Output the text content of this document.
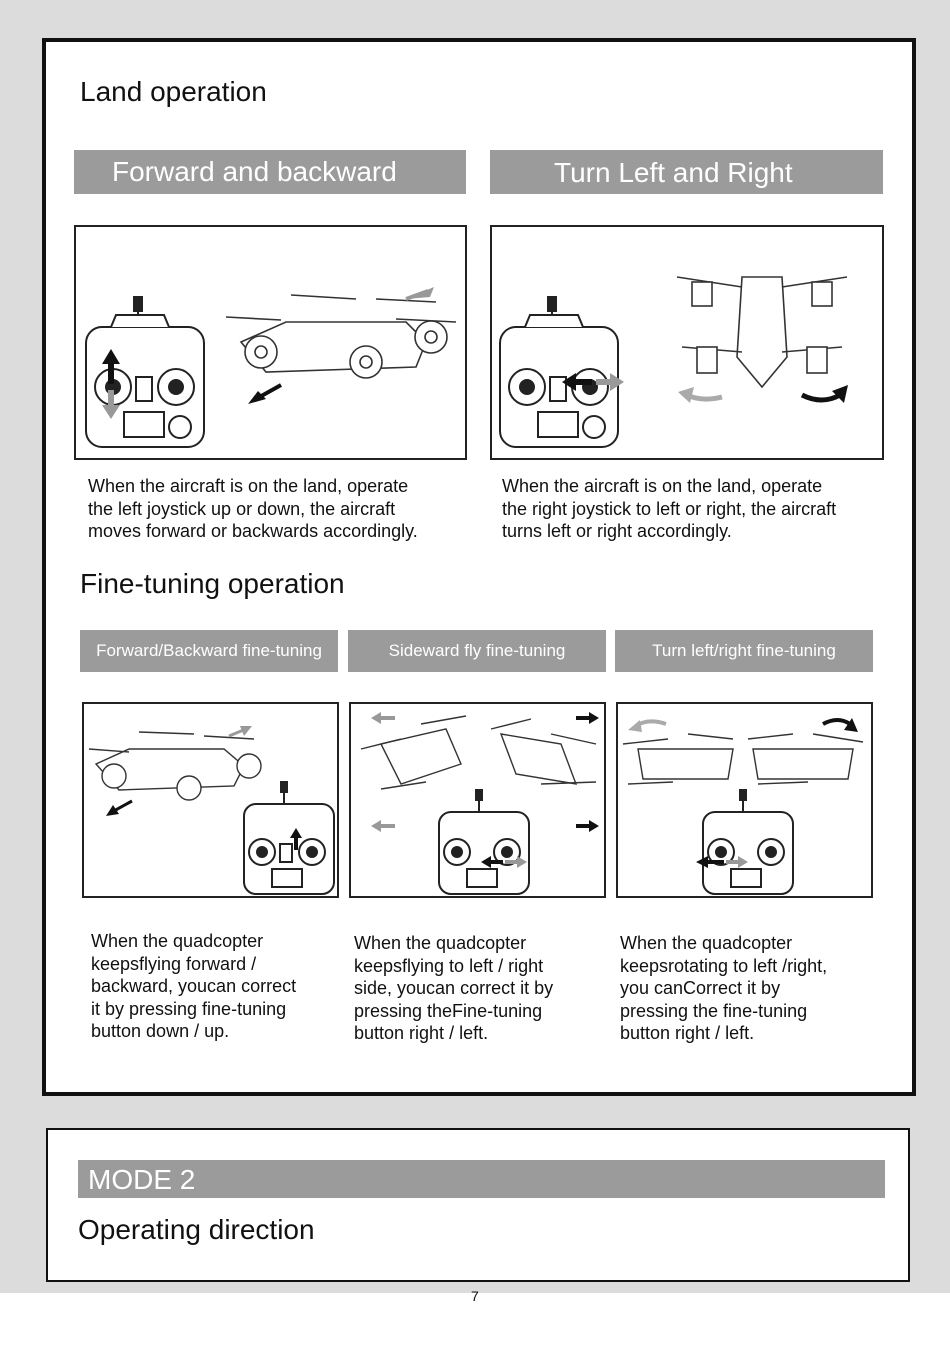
Land operation
Forward and backward	Turn Left and Right
When the aircraft is on the land, operate
the left joystick up or down, the aircraft
moves forward or backwards accordingly.
When the aircraft is on the land, operate
the right joystick to left or right, the aircraft
turns left or right accordingly.
Fine-tuning operation
Forward/Backward fine-tuning	Sideward fly fine-tuning	Turn left/right fine-tuning
When the quadcopter
keepsflying forward /
backward, youcan correct
it by pressing fine-tuning
button down / up.
When the quadcopter
keepsflying to left / right
side, youcan correct it by
pressing theFine-tuning
button right / left.
When the quadcopter
keepsrotating to left /right,
you canCorrect it by
pressing the fine-tuning
button right / left.
MODE 2
Operating direction
7
